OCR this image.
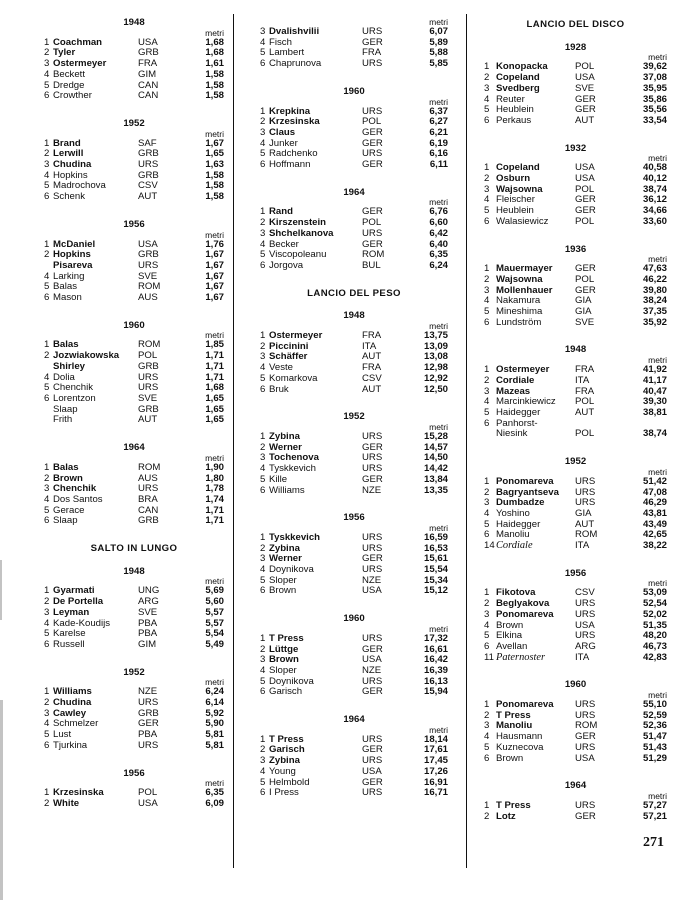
1948
metri
1 Coachman	USA	1,68
2 Tyler	GRB	1,68
3 Ostermeyer	FRA	1,61
4 Beckett	GIM	1,58
5 Dredge	CAN	1,58
6 Crowther	CAN	1,58
1952
metri
1 Brand	SAF	1,67
2 Lerwill	GRB	1,65
3 Chudina	URS	1,63
4 Hopkins	GRB	1,58
5 Madrochova	CSV	1,58
6 Schenk	AUT	1,58
1956
metri
1 McDaniel	USA	1,76
2 Hopkins	GRB	1,67
Pisareva	URS	1,67
4 Larking	SVE	1,67
5 Balas	ROM	1,67
6 Mason	AUS	1,67
1960
metri
1 Balas	ROM	1,85
2 Jozwiakowska	POL	1,71
Shirley	GRB	1,71
4 Dolia	URS	1,71
5 Chenchik	URS	1,68
6 Lorentzon	SVE	1,65
Slaap	GRB	1,65
Frith	AUT	1,65
1964
metri
1 Balas	ROM	1,90
2 Brown	AUS	1,80
3 Chenchik	URS	1,78
4 Dos Santos	BRA	1,74
5 Gerace	CAN	1,71
6 Slaap	GRB	1,71
SALTO IN LUNGO
1948
metri
1 Gyarmati	UNG	5,69
2 De Portella	ARG	5,60
3 Leyman	SVE	5,57
4 Kade-Koudijs	PBA	5,57
5 Karelse	PBA	5,54
6 Russell	GIM	5,49
1952
metri
1 Williams	NZE	6,24
2 Chudina	URS	6,14
3 Cawley	GRB	5,92
4 Schmelzer	GER	5,90
5 Lust	PBA	5,81
6 Tjurkina	URS	5,81
1956
metri
1 Krzesinska	POL	6,35
2 White	USA	6,09
metri
3 Dvalishvilii	URS	6,07
4 Fisch	GER	5,89
5 Lambert	FRA	5,88
6 Chaprunova	URS	5,85
1960
metri
1 Krepkina	URS	6,37
2 Krzesinska	POL	6,27
3 Claus	GER	6,21
4 Junker	GER	6,19
5 Radchenko	URS	6,16
6 Hoffmann	GER	6,11
1964
metri
1 Rand	GER	6,76
2 Kirszenstein	POL	6,60
3 Shchelkanova	URS	6,42
4 Becker	GER	6,40
5 Viscopoleanu	ROM	6,35
6 Jorgova	BUL	6,24
LANCIO DEL PESO
1948
metri
1 Ostermeyer	FRA	13,75
2 Piccinini	ITA	13,09
3 Schäffer	AUT	13,08
4 Veste	FRA	12,98
5 Komarkova	CSV	12,92
6 Bruk	AUT	12,50
1952
metri
1 Zybina	URS	15,28
2 Werner	GER	14,57
3 Tochenova	URS	14,50
4 Tyskkevich	URS	14,42
5 Kille	GER	13,84
6 Williams	NZE	13,35
1956
metri
1 Tyskkevich	URS	16,59
2 Zybina	URS	16,53
3 Werner	GER	15,61
4 Doynikova	URS	15,54
5 Sloper	NZE	15,34
6 Brown	USA	15,12
1960
metri
1 T Press	URS	17,32
2 Lüttge	GER	16,61
3 Brown	USA	16,42
4 Sloper	NZE	16,39
5 Doynikova	URS	16,13
6 Garisch	GER	15,94
1964
metri
1 T Press	URS	18,14
2 Garisch	GER	17,61
3 Zybina	URS	17,45
4 Young	USA	17,26
5 Helmbold	GER	16,91
6 I Press	URS	16,71
LANCIO DEL DISCO
1928
metri
1 Konopacka	POL	39,62
2 Copeland	USA	37,08
3 Svedberg	SVE	35,95
4 Reuter	GER	35,86
5 Heublein	GER	35,56
6 Perkaus	AUT	33,54
1932
metri
1 Copeland	USA	40,58
2 Osburn	USA	40,12
3 Wajsowna	POL	38,74
4 Fleischer	GER	36,12
5 Heublein	GER	34,66
6 Walasiewicz	POL	33,60
1936
metri
1 Mauermayer	GER	47,63
2 Wajsowna	POL	46,22
3 Mollenhauer	GER	39,80
4 Nakamura	GIA	38,24
5 Mineshima	GIA	37,35
6 Lundström	SVE	35,92
1948
metri
1 Ostermeyer	FRA	41,92
2 Cordiale	ITA	41,17
3 Mazeas	FRA	40,47
4 Marcinkiewicz	POL	39,30
5 Haidegger	AUT	38,81
6 Panhorst-
Niesink	POL	38,74
1952
metri
1 Ponomareva	URS	51,42
2 Bagryantseva	URS	47,08
3 Dumbadze	URS	46,29
4 Yoshino	GIA	43,81
5 Haidegger	AUT	43,49
6 Manoliu	ROM	42,65
14 Cordiale	ITA	38,22
1956
metri
1 Fikotova	CSV	53,09
2 Beglyakova	URS	52,54
3 Ponomareva	URS	52,02
4 Brown	USA	51,35
5 Elkina	URS	48,20
6 Avellan	ARG	46,73
11 Paternoster	ITA	42,83
1960
metri
1 Ponomareva	URS	55,10
2 T Press	URS	52,59
3 Manoliu	ROM	52,36
4 Hausmann	GER	51,47
5 Kuznecova	URS	51,43
6 Brown	USA	51,29
1964
metri
1 T Press	URS	57,27
2 Lotz	GER	57,21
271
